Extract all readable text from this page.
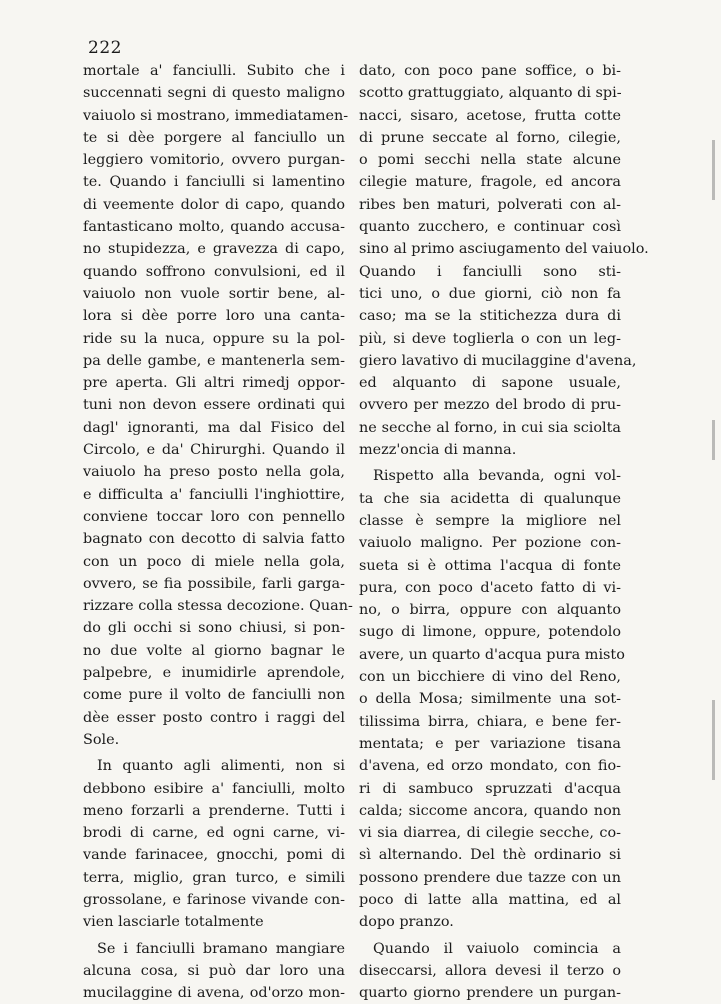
222
mortale a' fanciulli. Subito che i
succennati segni di questo maligno
vaiuolo si mostrano, immediatamen-
te si dèe porgere al fanciullo un
leggiero vomitorio, ovvero purgan-
te. Quando i fanciulli si lamentino
di veemente dolor di capo, quando
fantasticano molto, quando accusa-
no stupidezza, e gravezza di capo,
quando soffrono convulsioni, ed il
vaiuolo non vuole sortir bene, al-
lora si dèe porre loro una canta-
ride su la nuca, oppure su la pol-
pa delle gambe, e mantenerla sem-
pre aperta. Gli altri rimedj oppor-
tuni non devon essere ordinati qui
dagl' ignoranti, ma dal Fisico del
Circolo, e da' Chirurghi. Quando il
vaiuolo ha preso posto nella gola,
e difficulta a' fanciulli l'inghiottire,
conviene toccar loro con pennello
bagnato con decotto di salvia fatto
con un poco di miele nella gola,
ovvero, se fia possibile, farli garga-
rizzare colla stessa decozione. Quan-
do gli occhi si sono chiusi, si pon-
no due volte al giorno bagnar le
palpebre, e inumidirle aprendole,
come pure il volto de fanciulli non
dèe esser posto contro i raggi del
Sole.
In quanto agli alimenti, non si
debbono esibire a' fanciulli, molto
meno forzarli a prenderne. Tutti i
brodi di carne, ed ogni carne, vi-
vande farinacee, gnocchi, pomi di
terra, miglio, gran turco, e simili
grossolane, e farinose vivande con-
vien lasciarle totalmente
Se i fanciulli bramano mangiare
alcuna cosa, si può dar loro una
mucilaggine di avena, od'orzo mon-
dato, con poco pane soffice, o bi-
scotto grattuggiato, alquanto di spi-
nacci, sisaro, acetose, frutta cotte
di prune seccate al forno, cilegie,
o pomi secchi nella state alcune
cilegie mature, fragole, ed ancora
ribes ben maturi, polverati con al-
quanto zucchero, e continuar così
sino al primo asciugamento del vaiuolo.
Quando i fanciulli sono sti-
tici uno, o due giorni, ciò non fa
caso; ma se la stitichezza dura di
più, si deve toglierla o con un leg-
giero lavativo di mucilaggine d'avena,
ed alquanto di sapone usuale,
ovvero per mezzo del brodo di pru-
ne secche al forno, in cui sia sciolta
mezz'oncia di manna.
Rispetto alla bevanda, ogni vol-
ta che sia acidetta di qualunque
classe è sempre la migliore nel
vaiuolo maligno. Per pozione con-
sueta si è ottima l'acqua di fonte
pura, con poco d'aceto fatto di vi-
no, o birra, oppure con alquanto
sugo di limone, oppure, potendolo
avere, un quarto d'acqua pura misto
con un bicchiere di vino del Reno,
o della Mosa; similmente una sot-
tilissima birra, chiara, e bene fer-
mentata; e per variazione tisana
d'avena, ed orzo mondato, con fio-
ri di sambuco spruzzati d'acqua
calda; siccome ancora, quando non
vi sia diarrea, di cilegie secche, co-
sì alternando. Del thè ordinario si
possono prendere due tazze con un
poco di latte alla mattina, ed al
dopo pranzo.
Quando il vaiuolo comincia a
diseccarsi, allora devesi il terzo o
quarto giorno prendere un purgan-
